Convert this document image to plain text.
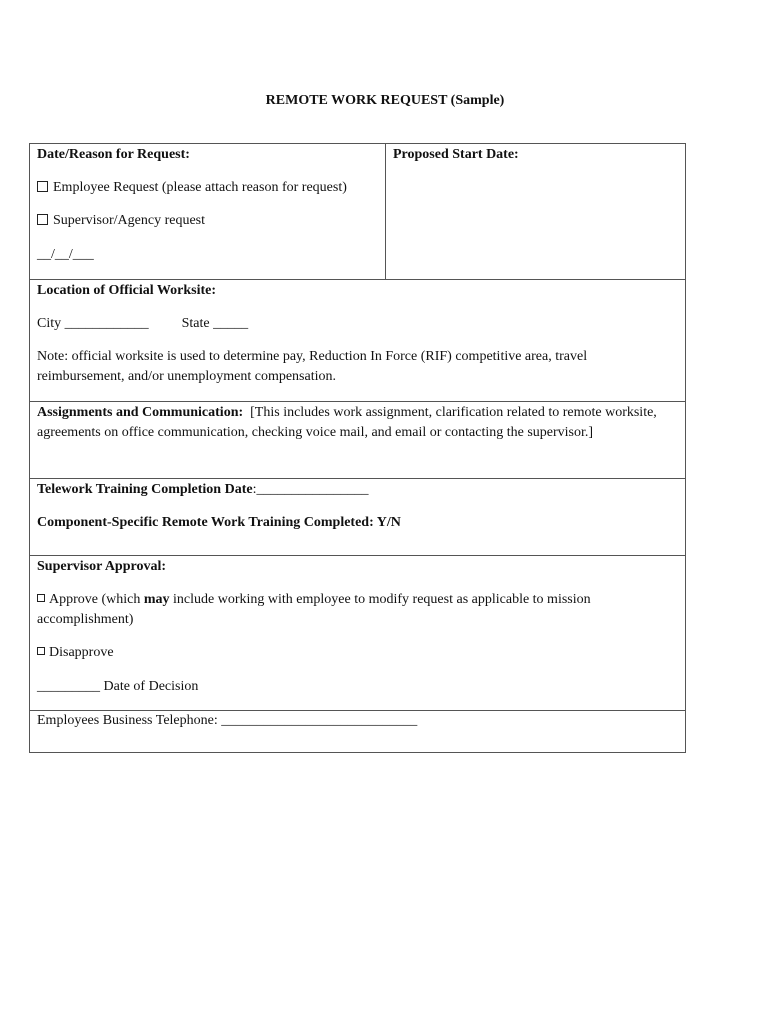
REMOTE WORK REQUEST (Sample)
Date/Reason for Request:
Employee Request (please attach reason for request)
Supervisor/Agency request
__/__/___
Proposed Start Date:
Location of Official Worksite:
City ____________ State _____
Note: official worksite is used to determine pay, Reduction In Force (RIF) competitive area, travel reimbursement, and/or unemployment compensation.
Assignments and Communication: [This includes work assignment, clarification related to remote worksite, agreements on office communication, checking voice mail, and email or contacting the supervisor.]
Telework Training Completion Date:________________
Component-Specific Remote Work Training Completed: Y/N
Supervisor Approval:
Approve (which may include working with employee to modify request as applicable to mission accomplishment)
Disapprove
_________ Date of Decision
Employees Business Telephone: ____________________________
